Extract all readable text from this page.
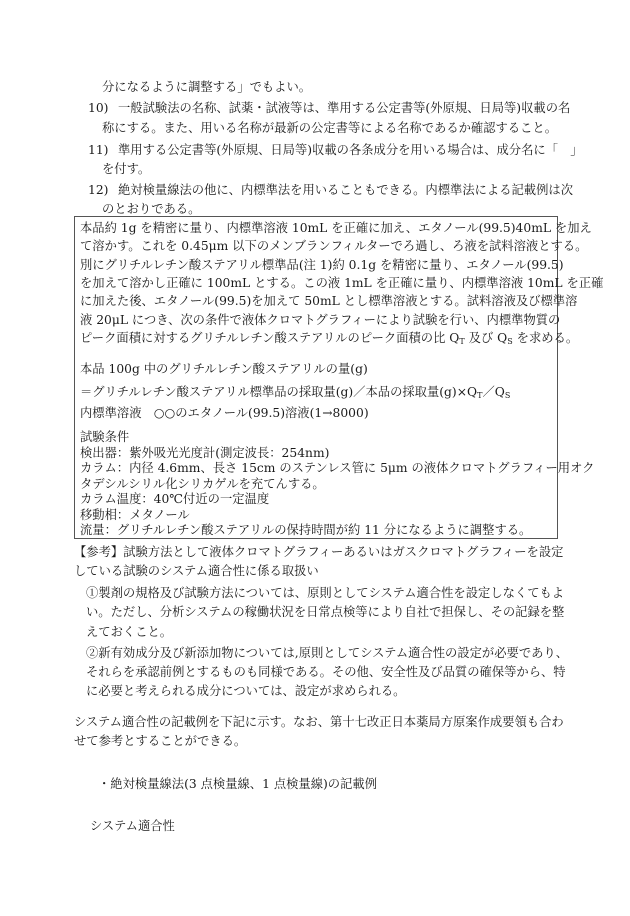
分になるように調整する」でもよい。
10) 一般試験法の名称、試薬・試液等は、準用する公定書等(外原規、日局等)収載の名
称にする。また、用いる名称が最新の公定書等による名称であるか確認すること。
11) 準用する公定書等(外原規、日局等)収載の各条成分を用いる場合は、成分名に「　」
を付す。
12) 絶対検量線法の他に、内標準法を用いることもできる。内標準法による記載例は次
のとおりである。
本品約 1g を精密に量り、内標準溶液 10mL を正確に加え、エタノール(99.5)40mL を加え
て溶かす。これを 0.45μm 以下のメンブランフィルターでろ過し、ろ液を試料溶液とする。
別にグリチルレチン酸ステアリル標準品(注 1)約 0.1g を精密に量り、エタノール(99.5)
を加えて溶かし正確に 100mL とする。この液 1mL を正確に量り、内標準溶液 10mL を正確
に加えた後、エタノール(99.5)を加えて 50mL とし標準溶液とする。試料溶液及び標準溶
液 20μL につき、次の条件で液体クロマトグラフィーにより試験を行い、内標準物質の
ピーク面積に対するグリチルレチン酸ステアリルのピーク面積の比 $Q_T$ 及び $Q_S$ を求める。
本品 100g 中のグリチルレチン酸ステアリルの量(g)
＝グリチルレチン酸ステアリル標準品の採取量(g)／本品の採取量$(g)\times Q_T/Q_S$
内標準溶液　○○のエタノール(99.5)溶液(1→8000)
試験条件
検出器：紫外吸光光度計(測定波長：254nm)
カラム：内径 4.6mm、長さ 15cm のステンレス管に 5μm の液体クロマトグラフィー用オク
タデシルシリル化シリカゲルを充てんする。
カラム温度：40℃付近の一定温度
移動相：メタノール
流量：グリチルレチン酸ステアリルの保持時間が約 11 分になるように調整する。
【参考】試験方法として液体クロマトグラフィーあるいはガスクロマトグラフィーを設定
している試験のシステム適合性に係る取扱い
①製剤の規格及び試験方法については、原則としてシステム適合性を設定しなくてもよ
い。ただし、分析システムの稼働状況を日常点検等により自社で担保し、その記録を整
えておくこと。
②新有効成分及び新添加物については,原則としてシステム適合性の設定が必要であり、
それらを承認前例とするものも同様である。その他、安全性及び品質の確保等から、特
に必要と考えられる成分については、設定が求められる。
システム適合性の記載例を下記に示す。なお、第十七改正日本薬局方原案作成要領も合わ
せて参考とすることができる。
・絶対検量線法(3 点検量線、1 点検量線)の記載例
システム適合性
